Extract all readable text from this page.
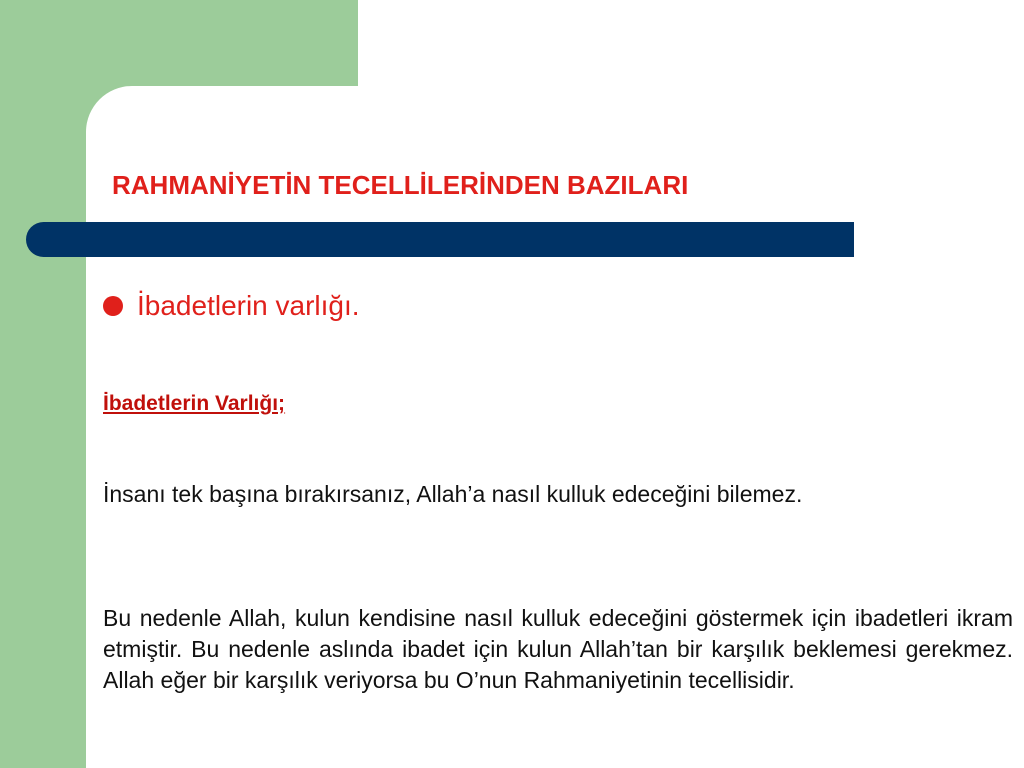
RAHMANİYETİN TECELLİLERİNDEN BAZILARI
İbadetlerin varlığı.

İbadetlerin Varlığı;

İnsanı tek başına bırakırsanız, Allah’a nasıl kulluk edeceğini bilemez.

Bu nedenle Allah, kulun kendisine nasıl kulluk edeceğini göstermek için ibadetleri ikram etmiştir. Bu nedenle aslında ibadet için kulun Allah’tan bir karşılık beklemesi gerekmez. Allah eğer bir karşılık veriyorsa bu O’nun Rahmaniyetinin tecellisidir.
